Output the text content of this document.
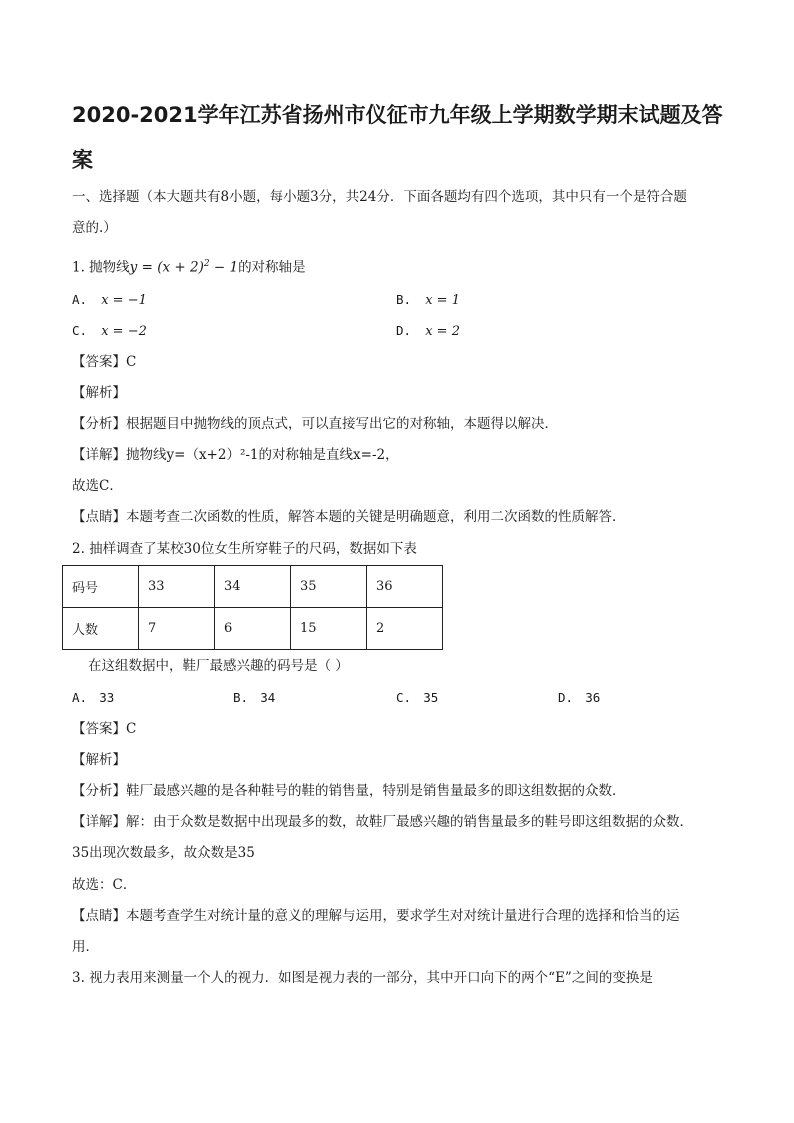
2020-2021学年江苏省扬州市仪征市九年级上学期数学期末试题及答
案
一、选择题（本大题共有8小题，每小题3分，共24分．下面各题均有四个选项，其中只有一个是符合题
意的.）
1. 抛物线$y = (x + 2)^2 - 1$的对称轴是
A. x = −1	B. x = 1
C. x = −2	D. x = 2
【答案】C
【解析】
【分析】根据题目中抛物线的顶点式，可以直接写出它的对称轴，本题得以解决．
【详解】抛物线y=（x+2）²-1的对称轴是直线x=-2，
故选C．
【点睛】本题考查二次函数的性质，解答本题的关键是明确题意，利用二次函数的性质解答．
2. 抽样调查了某校30位女生所穿鞋子的尺码，数据如下表
码号	33	34	35	36
人数	7	6	15	2
在这组数据中，鞋厂最感兴趣的码号是（ ）
A. 33	B. 34	C. 35	D. 36
【答案】C
【解析】
【分析】鞋厂最感兴趣的是各种鞋号的鞋的销售量，特别是销售量最多的即这组数据的众数．
【详解】解：由于众数是数据中出现最多的数，故鞋厂最感兴趣的销售量最多的鞋号即这组数据的众数．
35出现次数最多，故众数是35
故选：C．
【点睛】本题考查学生对统计量的意义的理解与运用，要求学生对对统计量进行合理的选择和恰当的运
用．
3. 视力表用来测量一个人的视力．如图是视力表的一部分，其中开口向下的两个“E”之间的变换是
